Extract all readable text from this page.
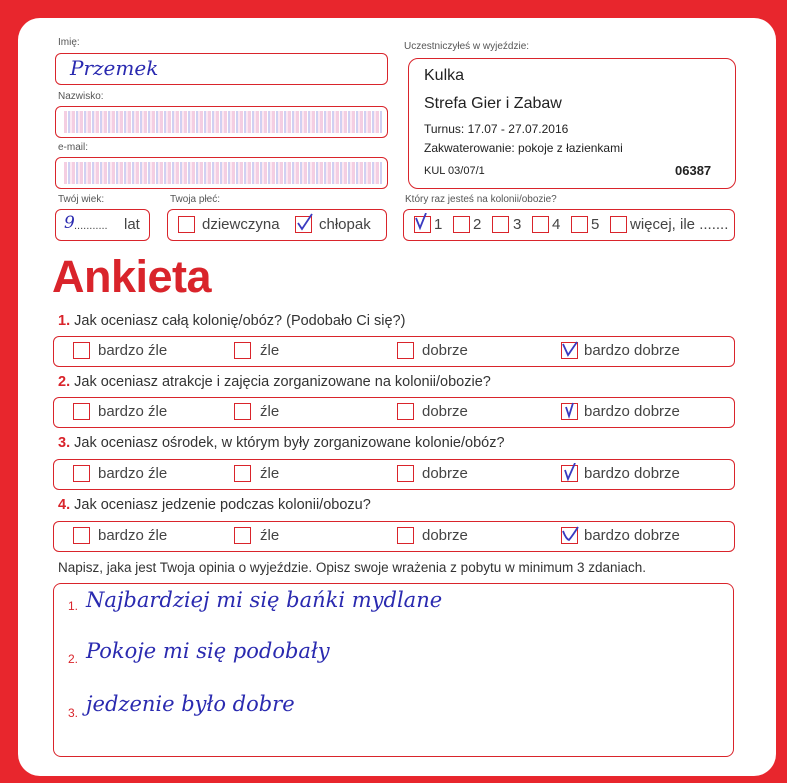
Imię:
Przemek
Nazwisko:
e-mail:
Uczestniczyłeś w wyjeździe:
Kulka
Strefa Gier i Zabaw
Turnus: 17.07 - 27.07.2016
Zakwaterowanie: pokoje z łazienkami
KUL 03/07/1	06387
Twój wiek:
9 ........... lat
Twoja płeć:
dziewczyna	chłopak
Który raz jesteś na kolonii/obozie?
1 2 3 4 5 więcej, ile .......
Ankieta
1. Jak oceniasz całą kolonię/obóz? (Podobało Ci się?)
bardzo źle	źle	dobrze	bardzo dobrze
2. Jak oceniasz atrakcje i zajęcia zorganizowane na kolonii/obozie?
bardzo źle	źle	dobrze	bardzo dobrze
3. Jak oceniasz ośrodek, w którym były zorganizowane kolonie/obóz?
bardzo źle	źle	dobrze	bardzo dobrze
4. Jak oceniasz jedzenie podczas kolonii/obozu?
bardzo źle	źle	dobrze	bardzo dobrze
Napisz, jaka jest Twoja opinia o wyjeździe. Opisz swoje wrażenia z pobytu w minimum 3 zdaniach.
1. Najbardziej mi się bańki mydlane
2. Pokoje mi się podobały
3. jedzenie było dobre
